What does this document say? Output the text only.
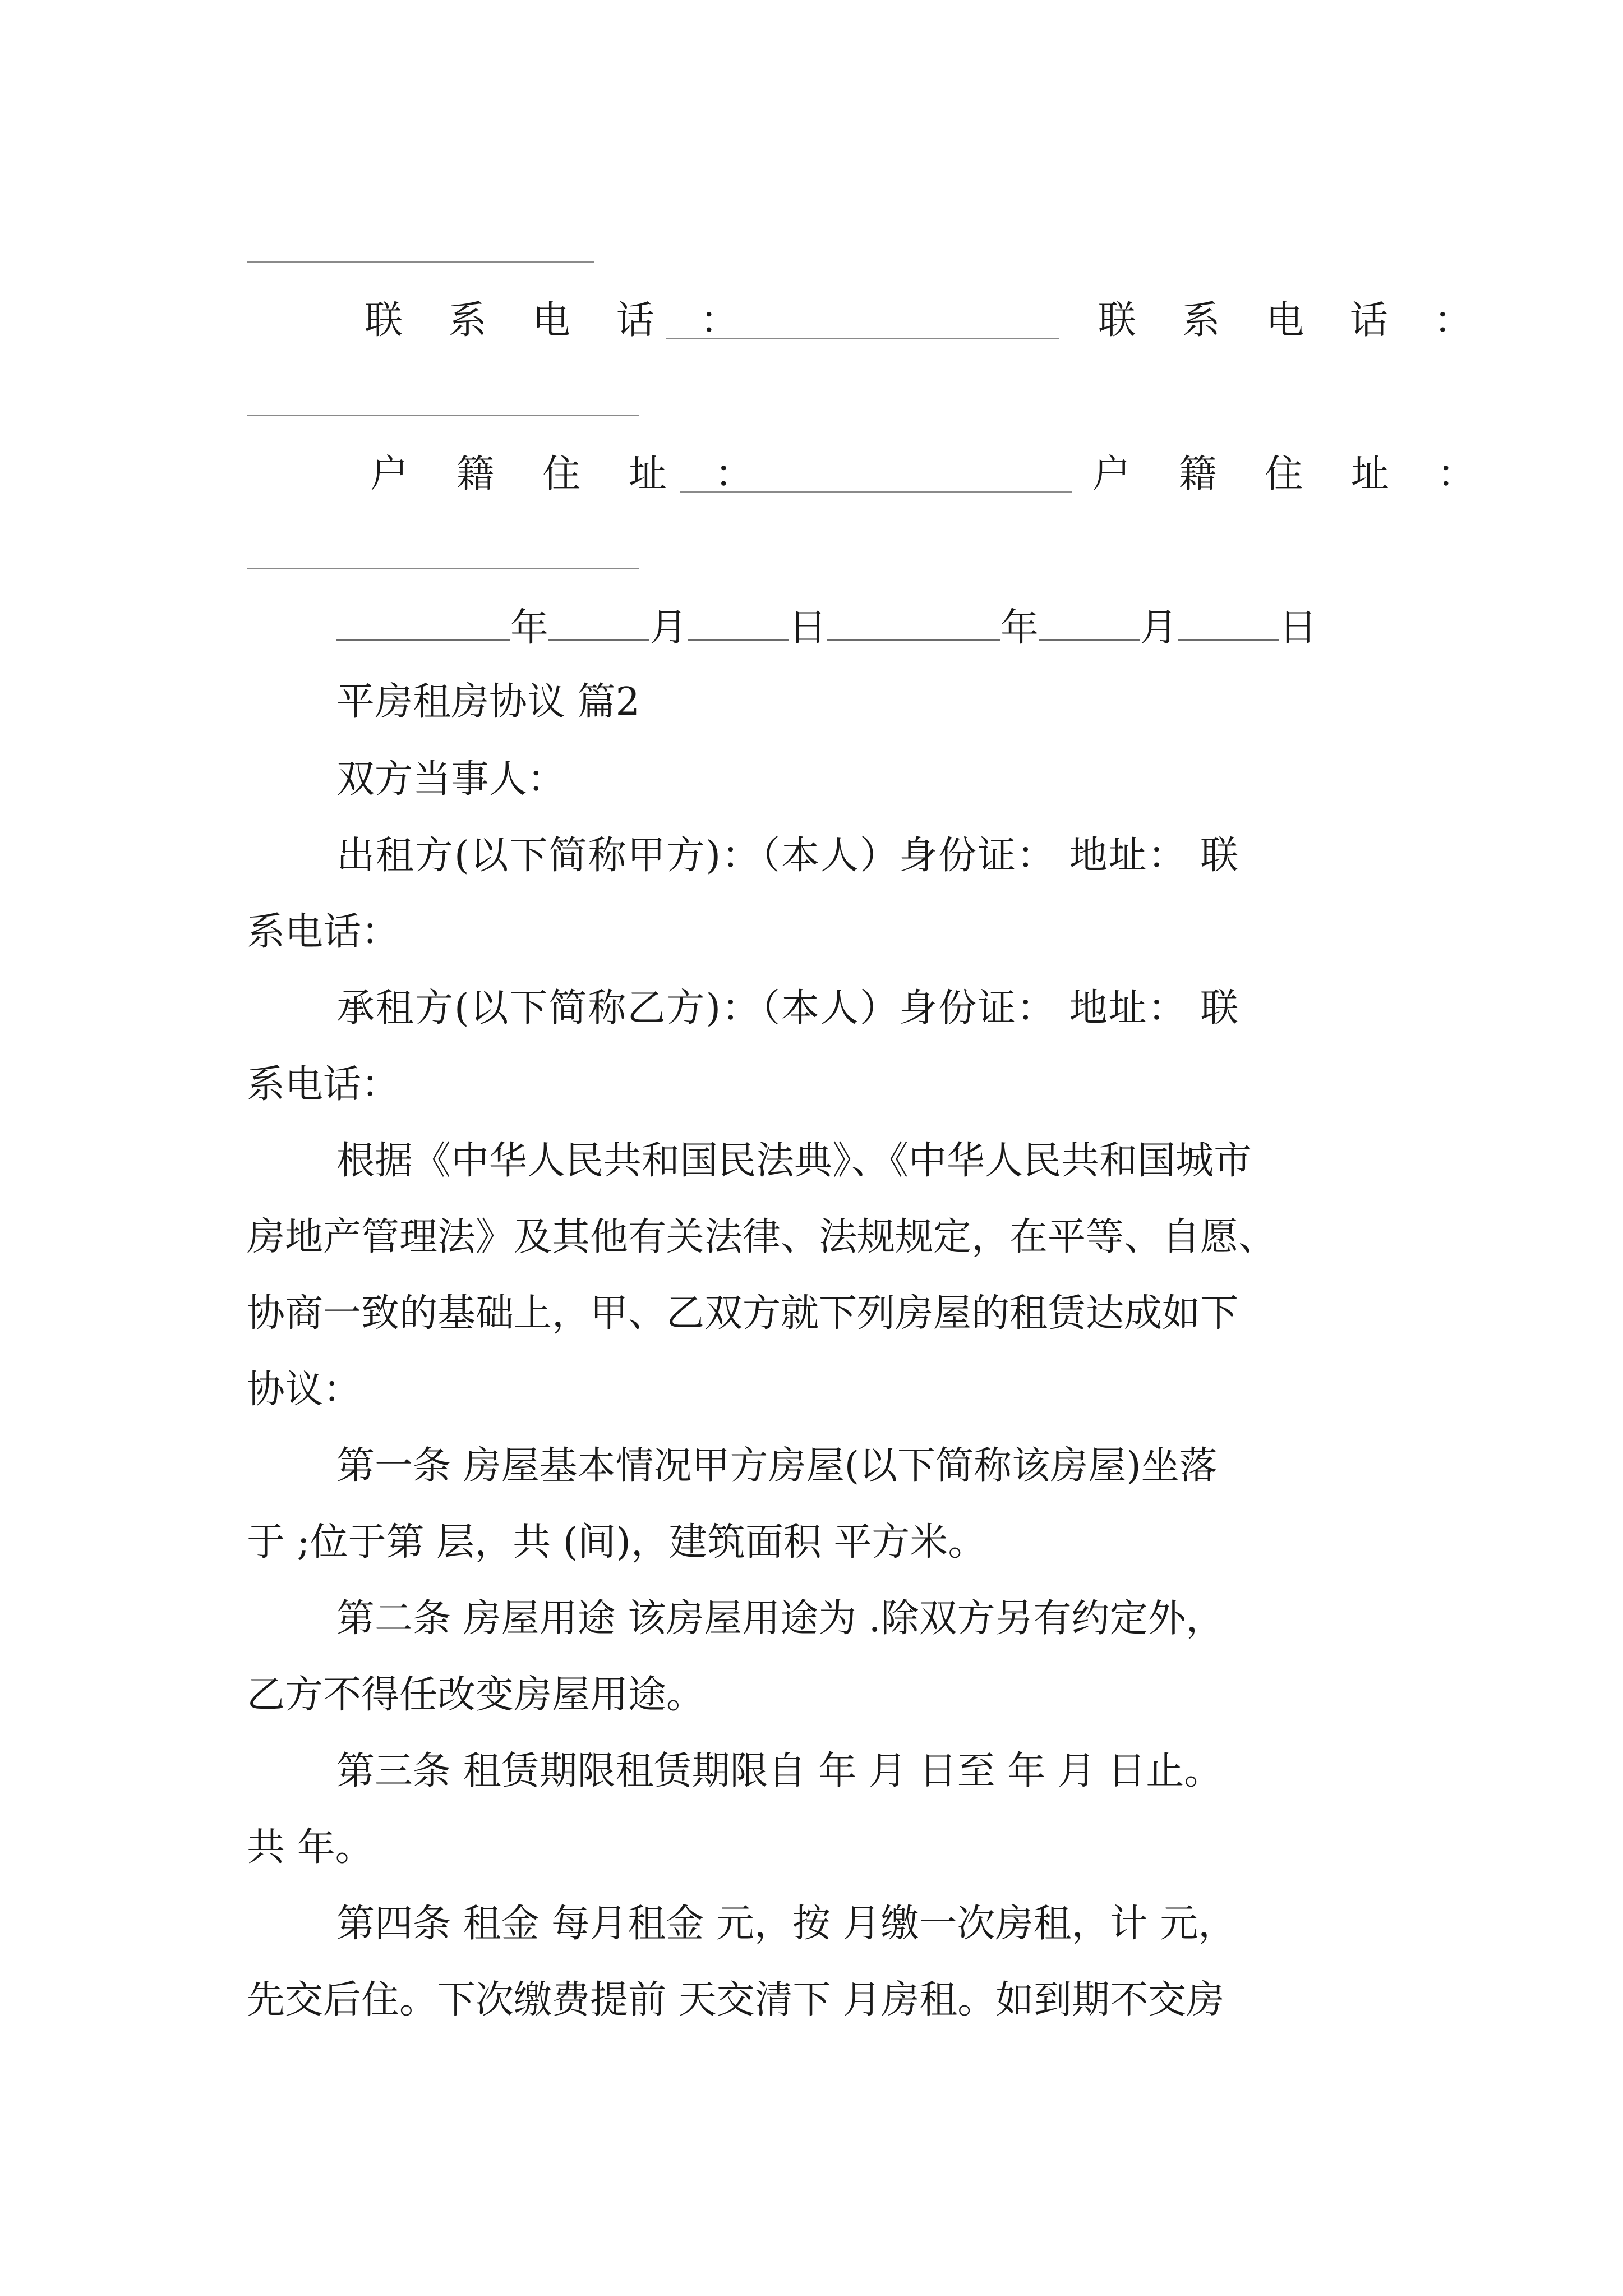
联 系 电 话 ：	联 系 电 话 ：
户 籍 住 址 ：	户 籍 住 址 ：
年	月	日	年	月	日
平房租房协议 篇2
双方当事人：
出租方(以下简称甲方)：（本人）身份证： 地址： 联
系电话：
承租方(以下简称乙方)：（本人）身份证： 地址： 联
系电话：
根据《中华人民共和国民法典》、《中华人民共和国城市
房地产管理法》及其他有关法律、法规规定，在平等、自愿、
协商一致的基础上，甲、乙双方就下列房屋的租赁达成如下
协议：
第一条 房屋基本情况甲方房屋(以下简称该房屋)坐落
于 ;位于第 层，共 (间)，建筑面积 平方米。
第二条 房屋用途 该房屋用途为 .除双方另有约定外，
乙方不得任改变房屋用途。
第三条 租赁期限租赁期限自 年 月 日至 年 月 日止。
共 年。
第四条 租金 每月租金 元，按 月缴一次房租，计 元，
先交后住。下次缴费提前 天交清下 月房租。如到期不交房
